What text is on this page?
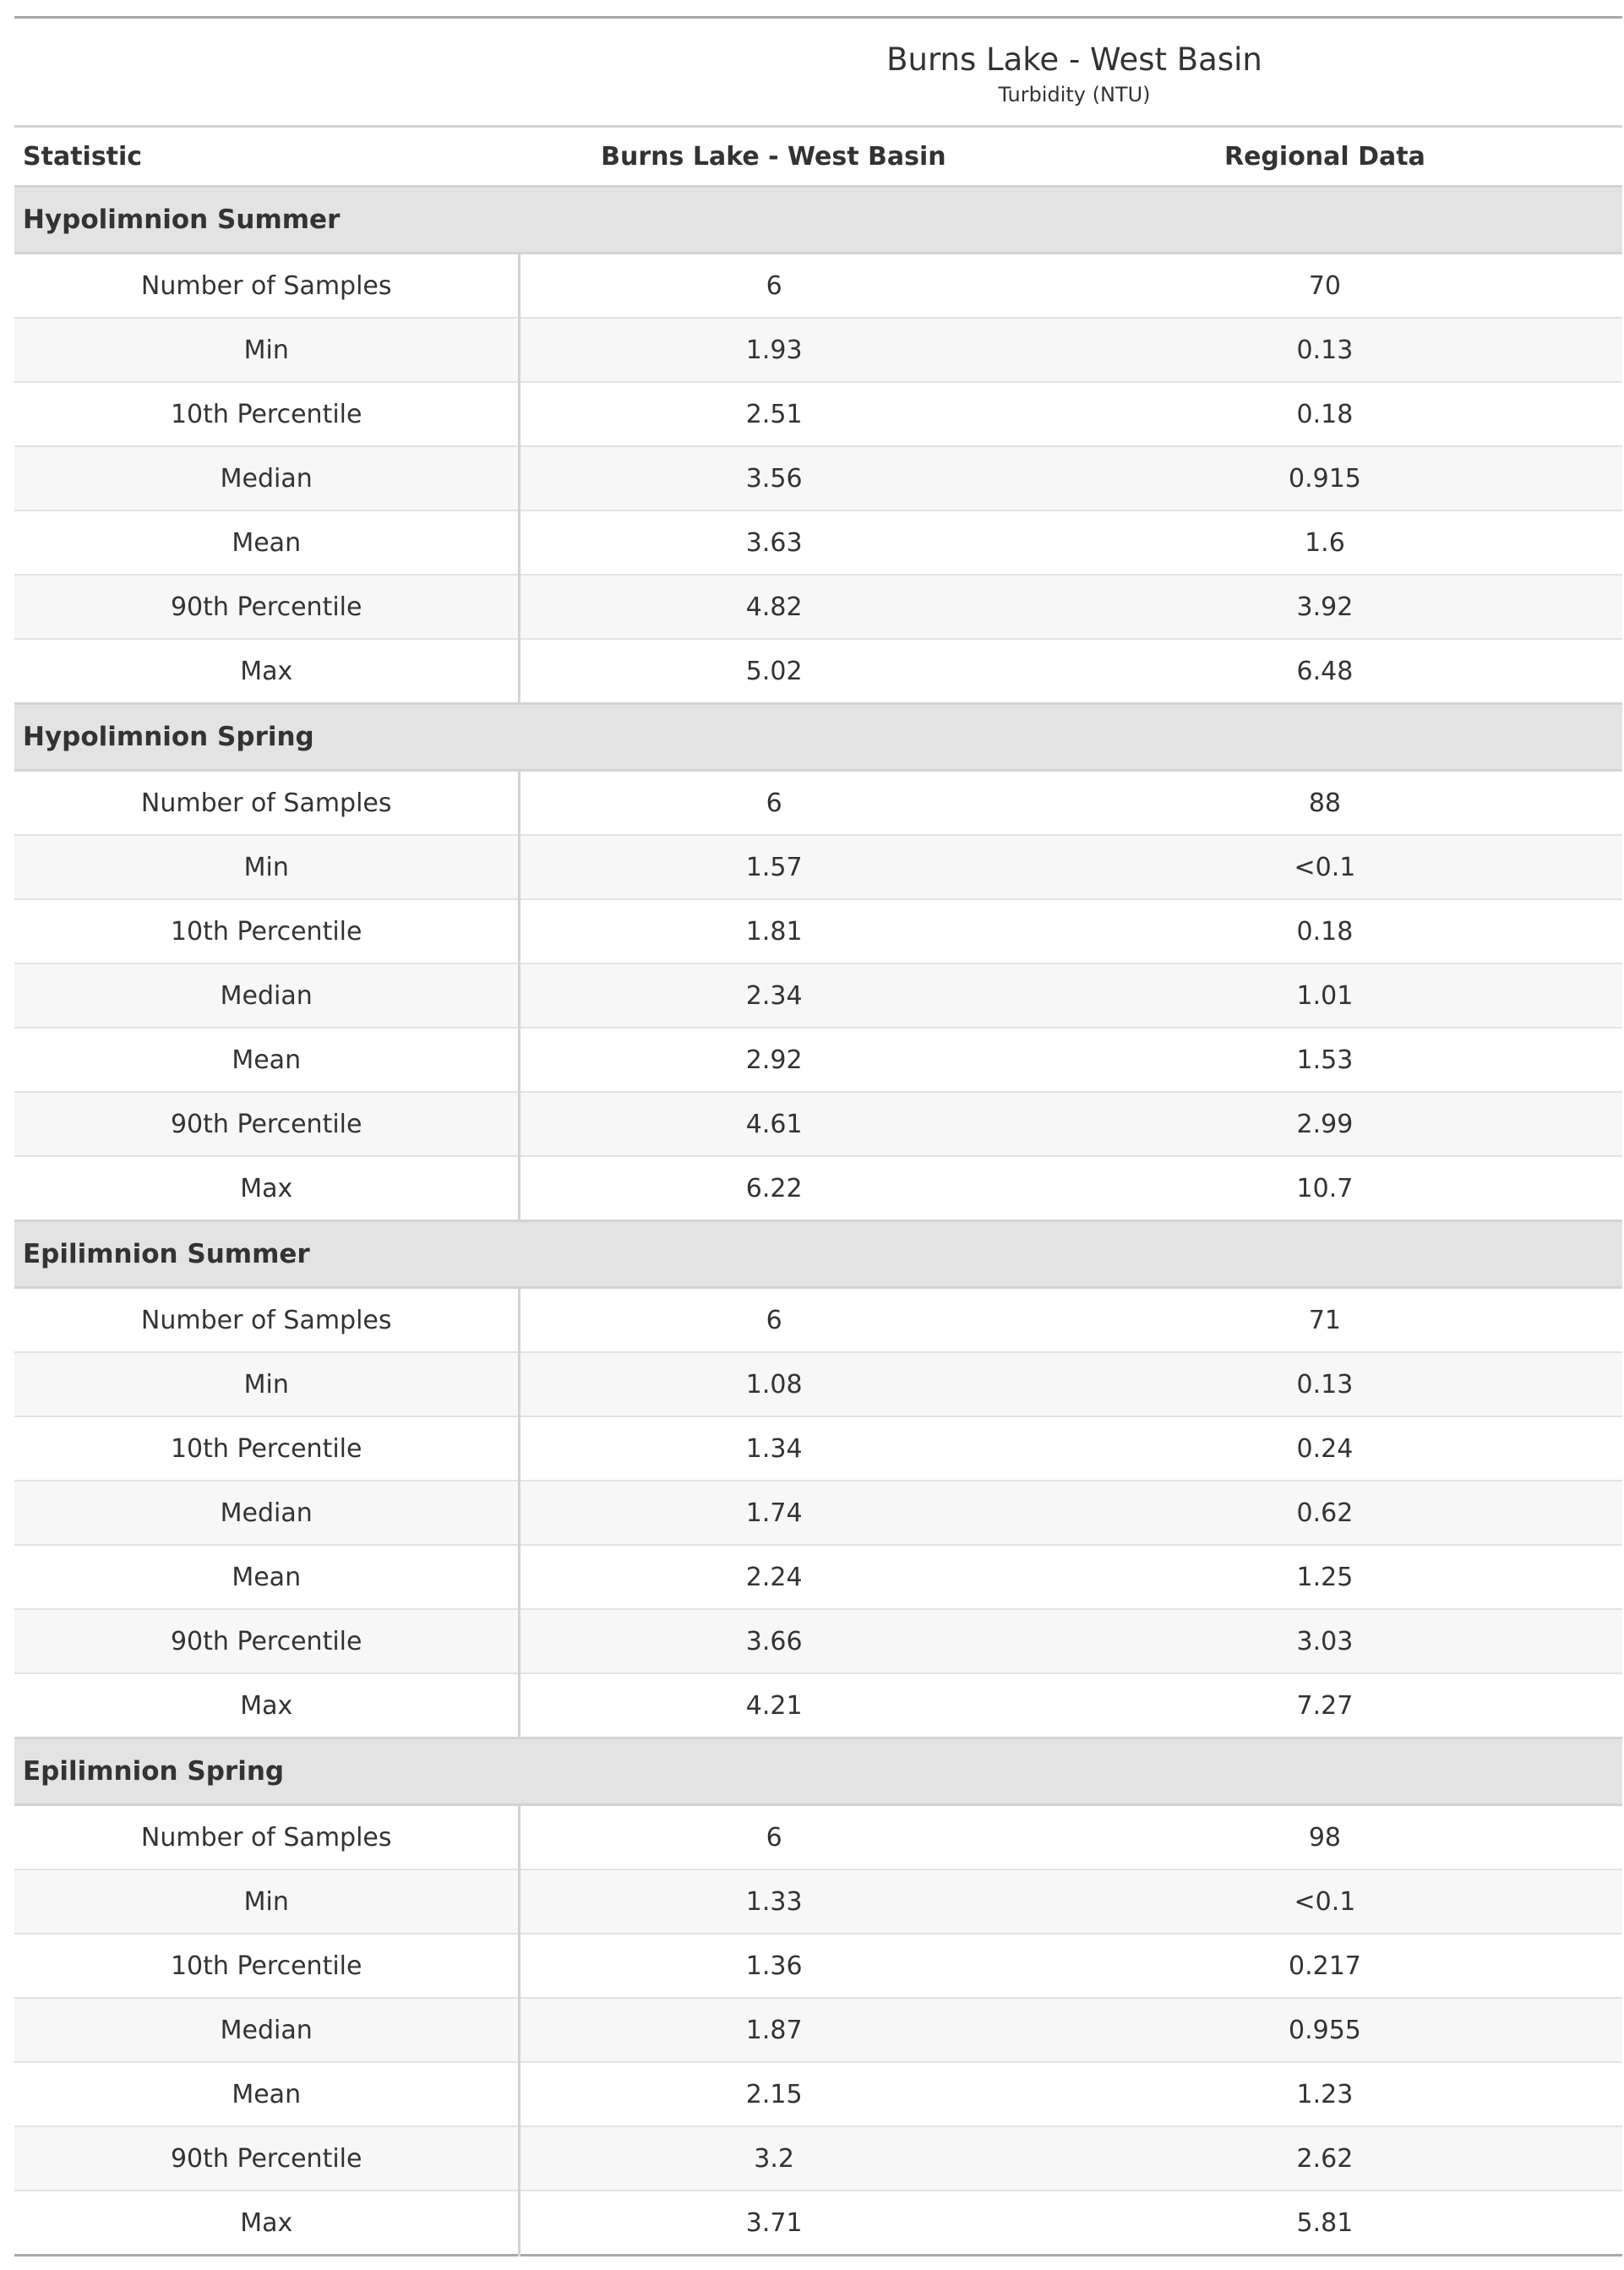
Burns Lake - West Basin		
Turbidity (NTU)		
Statistic	Burns Lake - West Basin	Regional Data
Hypolimnion Summer		
Number of Samples	6	70
Min	1.93	0.13
10th Percentile	2.51	0.18
Median	3.56	0.915
Mean	3.63	1.6
90th Percentile	4.82	3.92
Max	5.02	6.48
Hypolimnion Spring		
Number of Samples	6	88
Min	1.57	<0.1
10th Percentile	1.81	0.18
Median	2.34	1.01
Mean	2.92	1.53
90th Percentile	4.61	2.99
Max	6.22	10.7
Epilimnion Summer		
Number of Samples	6	71
Min	1.08	0.13
10th Percentile	1.34	0.24
Median	1.74	0.62
Mean	2.24	1.25
90th Percentile	3.66	3.03
Max	4.21	7.27
Epilimnion Spring		
Number of Samples	6	98
Min	1.33	<0.1
10th Percentile	1.36	0.217
Median	1.87	0.955
Mean	2.15	1.23
90th Percentile	3.2	2.62
Max	3.71	5.81
